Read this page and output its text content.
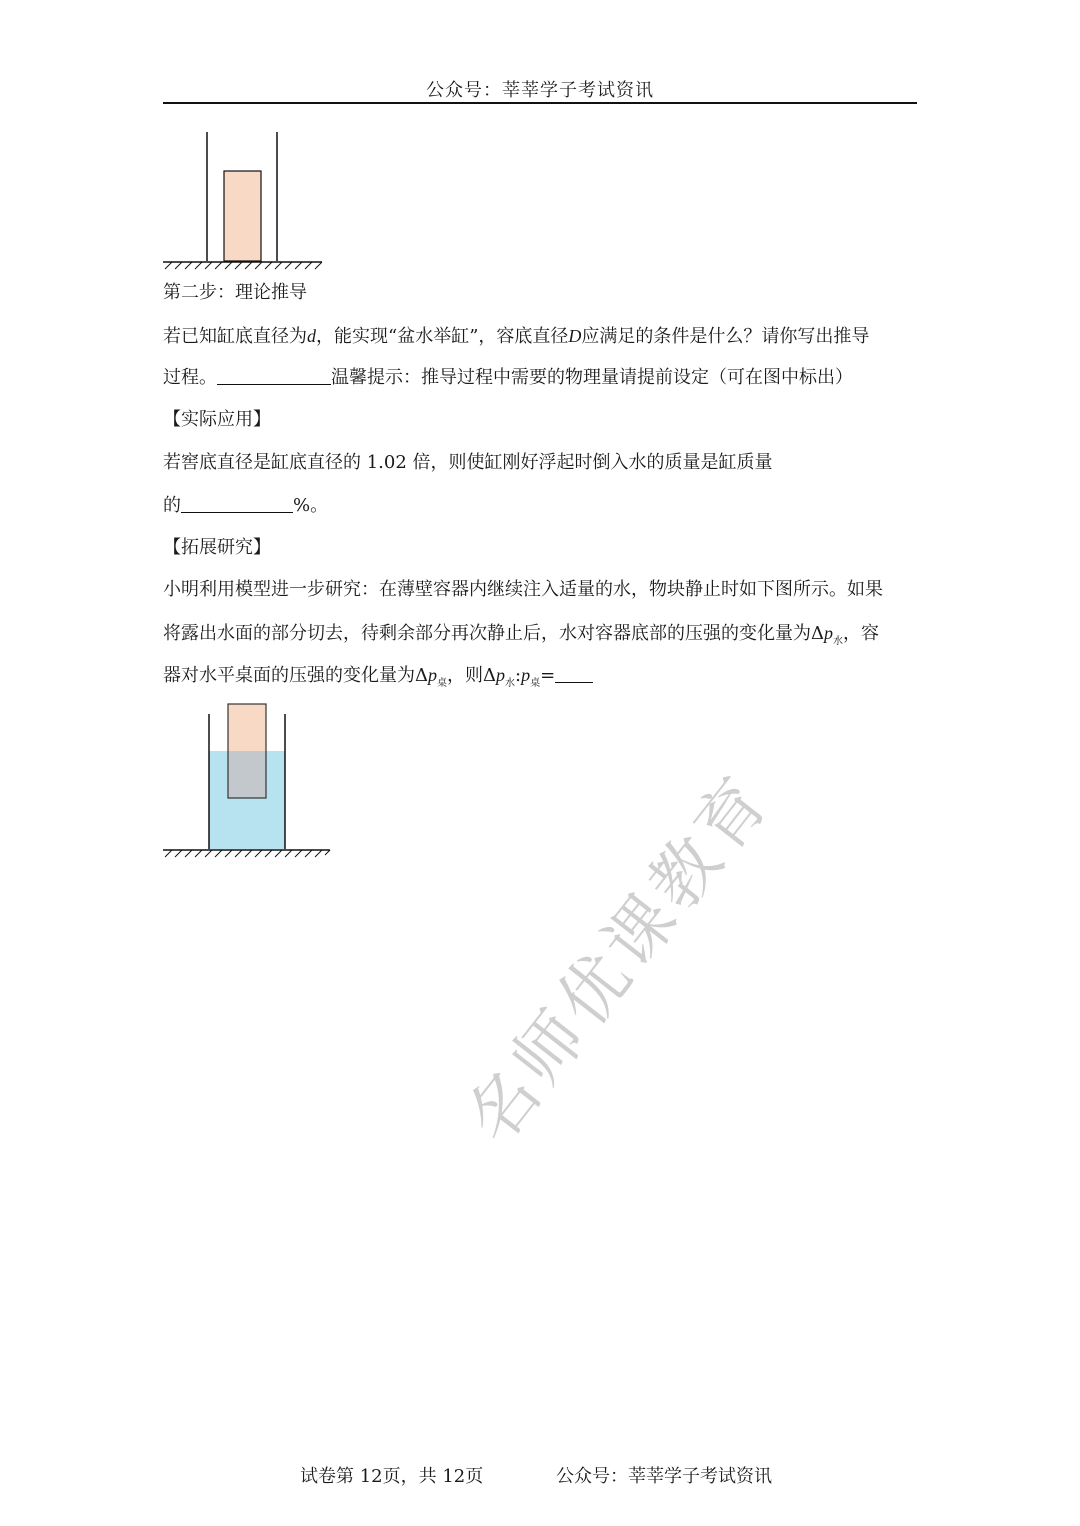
公众号：莘莘学子考试资讯
第二步：理论推导
若已知缸底直径为d，能实现“盆水举缸”，容底直径D应满足的条件是什么？请你写出推导
过程。	温馨提示：推导过程中需要的物理量请提前设定（可在图中标出）
【实际应用】
若窖底直径是缸底直径的 1.02 倍，则使缸刚好浮起时倒入水的质量是缸质量
的	%。
【拓展研究】
小明利用模型进一步研究：在薄壁容器内继续注入适量的水，物块静止时如下图所示。如果
将露出水面的部分切去，待剩余部分再次静止后，水对容器底部的压强的变化量为$\Delta p_水$，容
器对水平桌面的压强的变化量为$\Delta p_桌$，则$\Delta p_水:p_桌=$
名师优课教育
试卷第 12页，共 12页	公众号：莘莘学子考试资讯
